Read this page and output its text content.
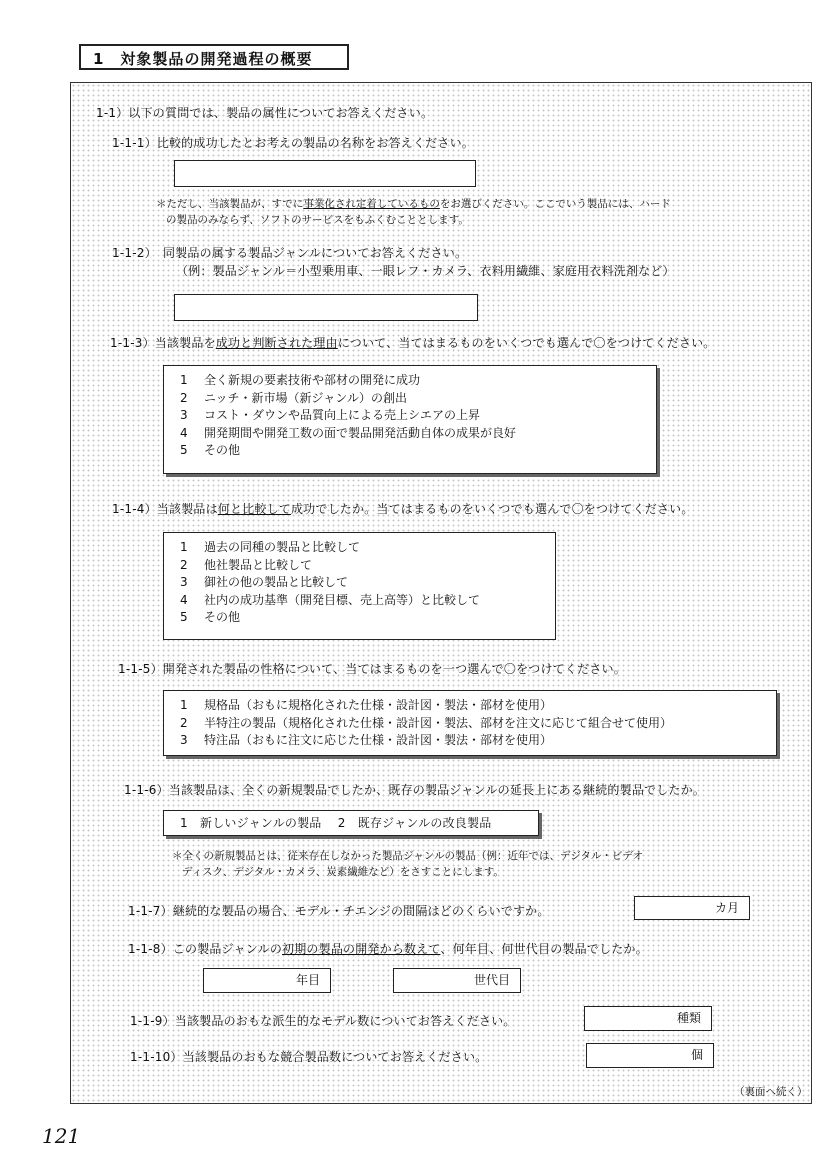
1　対象製品の開発過程の概要
1-1）以下の質問では、製品の属性についてお答えください。
1-1-1）比較的成功したとお考えの製品の名称をお答えください。
＊ただし、当該製品が、すでに事業化され定着しているものをお選びください。ここでいう製品には、ハード
の製品のみならず、ソフトのサービスをもふくむこととします。
1-1-2）　同製品の属する製品ジャンルについてお答えください。
（例：製品ジャンル＝小型乗用車、一眼レフ・カメラ、衣料用繊維、家庭用衣料洗剤など）
1-1-3）当該製品を成功と判断された理由について、当てはまるものをいくつでも選んで〇をつけてください。
1 全く新規の要素技術や部材の開発に成功
2 ニッチ・新市場（新ジャンル）の創出
3 コスト・ダウンや品質向上による売上シエアの上昇
4 開発期間や開発工数の面で製品開発活動自体の成果が良好
5 その他
1-1-4）当該製品は何と比較して成功でしたか。当てはまるものをいくつでも選んで〇をつけてください。
1 過去の同種の製品と比較して
2 他社製品と比較して
3 御社の他の製品と比較して
4 社内の成功基準（開発目標、売上高等）と比較して
5 その他
1-1-5）開発された製品の性格について、当てはまるものを一つ選んで〇をつけてください。
1 規格品（おもに規格化された仕様・設計図・製法・部材を使用）
2 半特注の製品（規格化された仕様・設計図・製法、部材を注文に応じて組合せて使用）
3 特注品（おもに注文に応じた仕様・設計図・製法・部材を使用）
1-1-6）当該製品は、全くの新規製品でしたか、既存の製品ジャンルの延長上にある継続的製品でしたか。
1　新しいジャンルの製品　 2　既存ジャンルの改良製品
＊全くの新規製品とは、従来存在しなかった製品ジャンルの製品（例：近年では、デジタル・ビデオ
ディスク、デジタル・カメラ、炭素繊維など）をさすことにします。
1-1-7）継続的な製品の場合、モデル・チエンジの間隔はどのくらいですか。	カ月
1-1-8）この製品ジャンルの初期の製品の開発から数えて、何年目、何世代目の製品でしたか。
年目	世代目
1-1-9）当該製品のおもな派生的なモデル数についてお答えください。	種類
1-1-10）当該製品のおもな競合製品数についてお答えください。	個
（裏面へ続く）
121
